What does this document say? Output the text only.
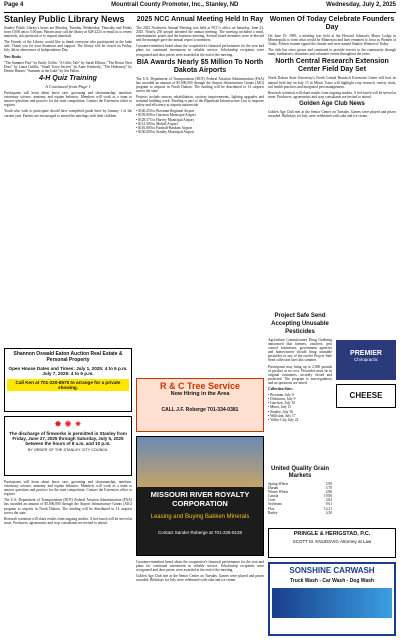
Page 4	Mountrail County Promoter, Inc., Stanley, ND	Wednesday, July 2, 2025
Stanley Public Library News

Stanley Public Library's hours are Monday, Tuesday, Wednesday, Thursday and Friday from 10:00 am to 5:00 pm. Patrons may call the library at 628-2223 or email us to renew materials, ask questions or to request materials.

The Friends of the Library would like to thank everyone who participated in the bake sale. Thank you for your donations and support. The library will be closed on Friday, July 4th in observance of Independence Day.

New Books

"The Summer Pact" by Emily Giffin; "A Celtic Tale" by Sarah Ellison; "The House Next Door" by Laura Griffin; "Small Town Secrets" by Anne Kimberly; "The Hideaway" by Denise Hunter; "Summer at the Lake" by Jen Fallon.

4-H Quiz Training
A Continued from Page 1

Participants will learn about horse care, grooming and showmanship, nutrition, veterinary science, anatomy and equine behavior. Members will work as a team to answer questions and practice for the state competition. Contact the Extension office to register.

Youth who wish to participate should have completed grade three by January 1 of the current year. Parents are encouraged to attend the meetings with their children.

2025 NCC Annual Meeting Held In Ray

The 2025 Northwest Annual Meeting was held at NCC's office on Saturday, June 21, 2025. Nearly 250 people attended the annual meeting. The meeting included a meal, entertainment, prizes and the business meeting. Several board members were re-elected and the manager gave the annual report to members.

Customer-members heard about the cooperative's financial performance for the year and plans for continued investment in reliable service. Scholarship recipients were recognized and door prizes were awarded at the end of the meeting.

BIA Awards Nearly $5 Million To North Dakota Airports

The U.S. Department of Transportation (DOT) Federal Aviation Administration (FAA) has awarded an amount of $5,000,000 through the Airport Infrastructure Grants (AIG) program to airports in North Dakota. The funding will be distributed to 14 airports across the state.

Projects include runway rehabilitation, taxiway improvements, lighting upgrades and terminal building work. Funding is part of the Bipartisan Infrastructure Law to improve safety and efficiency at airports nationwide.

• $140,250 to Bowman Regional Airport
• $159,000 to Garrison Municipal Airport
• $128,575 to Harvey Municipal Airport
• $112,500 to Mohall Airport
• $116,000 to Parshall-Hankins Airport
• $130,000 to Stanley Municipal Airport
Women Of Today Celebrate Founders Day

On June 19, 1985, a meeting was held at the Howard Johnson's Motor Lodge in Minneapolis to form what would be Minnesota and later renamed to Iowa as Women of Today. Fifteen women signed the charter and were named Stanley Women of Today.

The club has since grown and continued to provide service to the community through many fundraisers, donations and volunteer events throughout the years.

North Central Research Extension Center Field Day Set

North Dakota State University's North Central Research Extension Center will host its annual field day on July 15 in Minot. Tours will highlight crop research, variety trials, soil health practices and integrated pest management.

Research scientists will share results from ongoing studies. A free lunch will be served at noon. Producers, agronomists and crop consultants are invited to attend.

Golden Age Club News

Golden Age Club met at the Senior Center on Tuesday. Games were played and prizes awarded. Birthdays for July were celebrated with cake and ice cream.

Shannon Oswald Eaton Auction Real Estate & Personal Property
Open House Dates and Times: July 1, 2025: 4 to 6 p.m. July 7, 2025: 4 to 6 p.m.
Call Ken at 701-220-8575 to arrange for a private showing.
✸ ✺ ✷
The discharge of fireworks is permitted in Stanley from Friday, June 27, 2025 through Saturday, July 5, 2025 between the hours of 8 a.m. and 10 p.m.
BY ORDER OF THE STANLEY CITY COUNCIL
R & C Tree Service
Now Hiring in the Area
CALL J.F. Roberge 701-334-0381
MISSOURI RIVER ROYALTY CORPORATION
Leasing and Buying Bakken Minerals
Contact Sander Roberge at 701-226-6128
Project Safe Send Accepting Unusable Pesticides

Agriculture Commissioner Doug Goehring announced that farmers, ranchers, pest control businesses, government agencies and homeowners should bring unusable pesticides to any of the twelve Project Safe Send collection sites this summer.

Participants may bring up to 2,000 pounds of product at no cost. Pesticides must be in original containers, securely closed and protected. The program is non-regulatory and no questions are asked.

Collection Sites:

• Bowman, July 8
• Dickinson, July 9
• Garrison, July 10
• Minot, July 15
• Stanley, July 16
• Williston, July 17
• Valley City, July 22
United Quality Grain Markets
Spring Wheat	5.90
Durum	5.70
Winter Wheat	4.86
Canola	19.80
Corn	3.82
Soybeans	9.61
Flax	14.21
Barley	4.50
PREMIER
Chiropractic
CHEESE
PRINGLE & HERIGSTAD, P.C.
SCOTT M. KNUDSVIG Attorney at Law
SONSHINE CARWASH
Truck Wash - Car Wash - Dog Wash

Participants will learn about horse care, grooming and showmanship, nutrition, veterinary science, anatomy and equine behavior. Members will work as a team to answer questions and practice for the state competition. Contact the Extension office to register.

The U.S. Department of Transportation (DOT) Federal Aviation Administration (FAA) has awarded an amount of $5,000,000 through the Airport Infrastructure Grants (AIG) program to airports in North Dakota. The funding will be distributed to 14 airports across the state.

Research scientists will share results from ongoing studies. A free lunch will be served at noon. Producers, agronomists and crop consultants are invited to attend.

Customer-members heard about the cooperative's financial performance for the year and plans for continued investment in reliable service. Scholarship recipients were recognized and door prizes were awarded at the end of the meeting.

Golden Age Club met at the Senior Center on Tuesday. Games were played and prizes awarded. Birthdays for July were celebrated with cake and ice cream.
